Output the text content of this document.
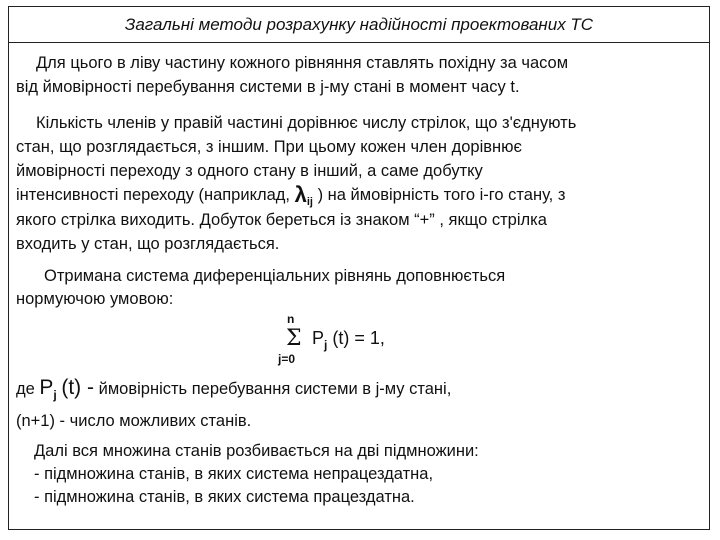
Загальні методи розрахунку надійності проектованих ТС
Для цього в ліву частину кожного рівняння ставлять похідну за часом
від ймовірності перебування системи в j-му стані в момент часу t.
Кількість членів у правій частині дорівнює числу стрілок, що з'єднують
стан, що розглядається, з іншим. При цьому кожен член дорівнює
ймовірності переходу з одного стану в інший, а саме добутку
інтенсивності переходу (наприклад, $\lambda_{ij}$ ) на ймовірність того і-го стану, з
якого стрілка виходить. Добуток береться із знаком “+” , якщо стрілка
входить у стан, що розглядається.
Отримана система диференціальних рівнянь доповнюється
нормуючою умовою:
n
Σ $P_j$ (t) = 1,
j=0
де $P_j$ (t) - ймовірність перебування системи в j-му стані,
(n+1) - число можливих станів.
Далі вся множина станів розбивається на дві підмножини:
- підмножина станів, в яких система непрацездатна,
- підмножина станів, в яких система працездатна.
